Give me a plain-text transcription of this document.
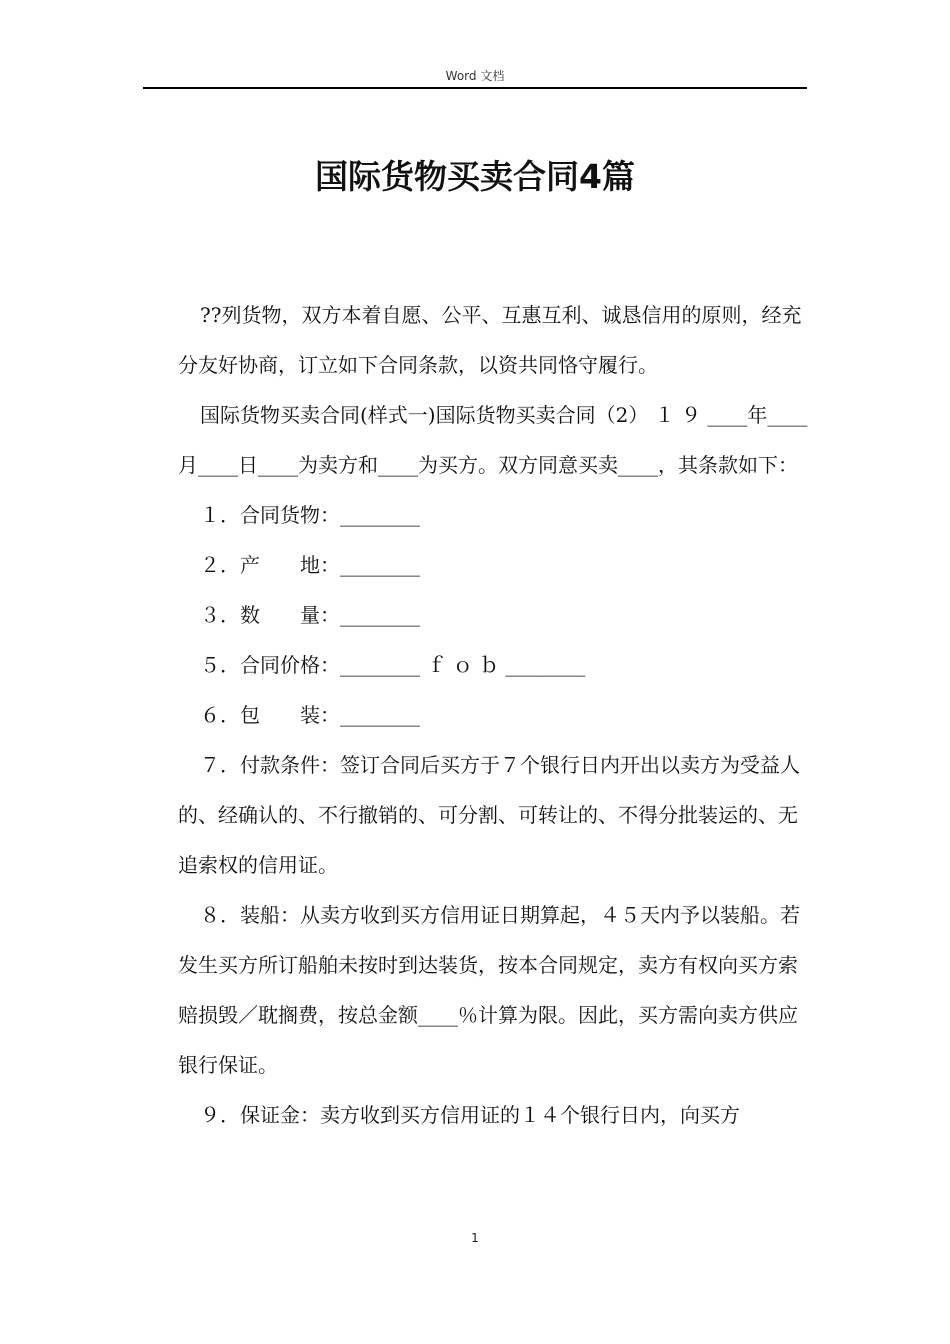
Word 文档
国际货物买卖合同4篇

??列货物，双方本着自愿、公平、互惠互利、诚恳信用的原则，经充分友好协商，订立如下合同条款，以资共同恪守履行。

国际货物买卖合同(样式一)国际货物买卖合同（2） １ ９ ____年____月____日____为卖方和____为买方。双方同意买卖____，其条款如下：

１．合同货物：________

２．产　　地：________

３．数　　量：________

５．合同价格：________ ｆ ｏ ｂ ________

６．包　　装：________

７．付款条件：签订合同后买方于７个银行日内开出以卖方为受益人的、经确认的、不行撤销的、可分割、可转让的、不得分批装运的、无追索权的信用证。

８．装船：从卖方收到买方信用证日期算起，４５天内予以装船。若发生买方所订船舶未按时到达装货，按本合同规定，卖方有权向买方索赔损毁／耽搁费，按总金额____％计算为限。因此，买方需向卖方供应银行保证。

９．保证金：卖方收到买方信用证的１４个银行日内，向买方

1
